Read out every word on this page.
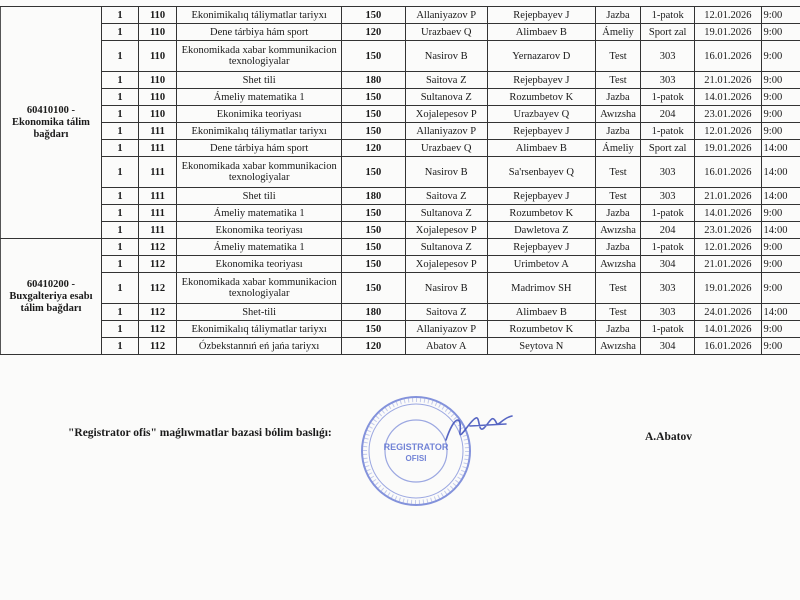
60410100 - Ekonomika tálim bağdarı	1	110	Ekonimikalıq táliymatlar tariyxı	150	Allaniyazov P	Rejepbayev J	Jazba	1-patok	12.01.2026	9:00
	1	110	Dene tárbiya hám sport	120	Urazbaev Q	Alimbaev B	Ámeliy	Sport zal	19.01.2026	9:00
	1	110	Ekonomikada xabar kommunikacion texnologiyalar	150	Nasirov B	Yernazarov D	Test	303	16.01.2026	9:00
	1	110	Shet tili	180	Saitova Z	Rejepbayev J	Test	303	21.01.2026	9:00
	1	110	Ámeliy matematika 1	150	Sultanova Z	Rozumbetov K	Jazba	1-patok	14.01.2026	9:00
	1	110	Ekonimika teoriyası	150	Xojalepesov P	Urazbayev Q	Awızsha	204	23.01.2026	9:00
	1	111	Ekonimikalıq táliymatlar tariyxı	150	Allaniyazov P	Rejepbayev J	Jazba	1-patok	12.01.2026	9:00
	1	111	Dene tárbiya hám sport	120	Urazbaev Q	Alimbaev B	Ámeliy	Sport zal	19.01.2026	14:00
	1	111	Ekonomikada xabar kommunikacion texnologiyalar	150	Nasirov B	Sa'rsenbayev Q	Test	303	16.01.2026	14:00
	1	111	Shet tili	180	Saitova Z	Rejepbayev J	Test	303	21.01.2026	14:00
	1	111	Ámeliy matematika 1	150	Sultanova Z	Rozumbetov K	Jazba	1-patok	14.01.2026	9:00
	1	111	Ekonomika teoriyası	150	Xojalepesov P	Dawletova Z	Awızsha	204	23.01.2026	14:00
60410200 - Buxgalteriya esabı tálim bağdarı	1	112	Ámeliy matematika 1	150	Sultanova Z	Rejepbayev J	Jazba	1-patok	12.01.2026	9:00
	1	112	Ekonomika teoriyası	150	Xojalepesov P	Urimbetov A	Awızsha	304	21.01.2026	9:00
	1	112	Ekonomikada xabar kommunikacion texnologiyalar	150	Nasirov B	Madrimov SH	Test	303	19.01.2026	9:00
	1	112	Shet-tili	180	Saitova Z	Alimbaev B	Test	303	24.01.2026	14:00
	1	112	Ekonimikalıq táliymatlar tariyxı	150	Allaniyazov P	Rozumbetov K	Jazba	1-patok	14.01.2026	9:00
	1	112	Ózbekstannıń eń jańa tariyxı	120	Abatov A	Seytova N	Awızsha	304	16.01.2026	9:00
"Registrator ofis" maǵlıwmatlar bazasi bólim baslıǵı:
REGISTRATOR
OFISI
A.Abatov
